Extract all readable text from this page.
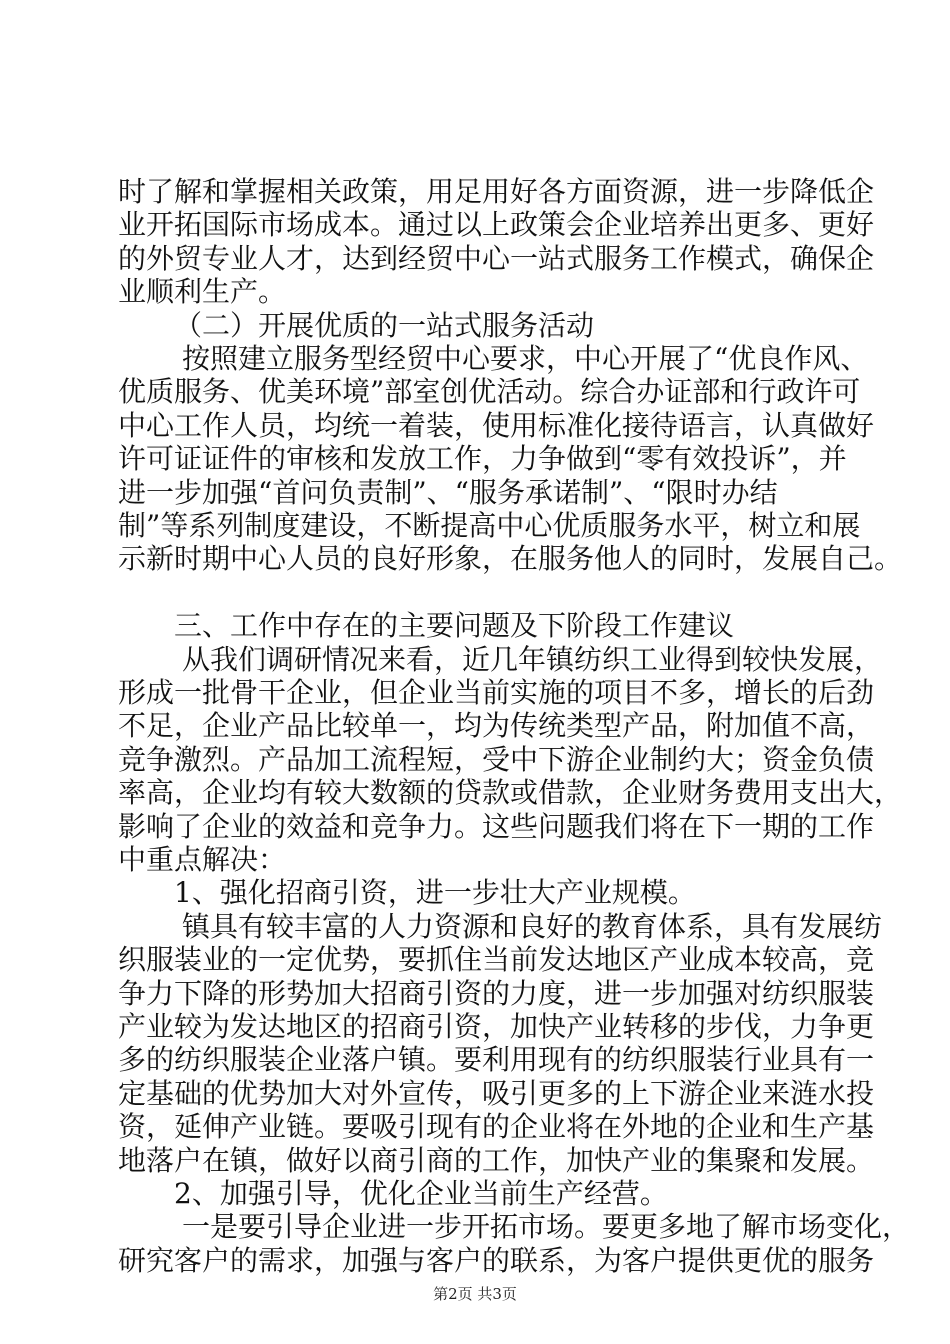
时了解和掌握相关政策，用足用好各方面资源，进一步降低企
业开拓国际市场成本。通过以上政策会企业培养出更多、更好
的外贸专业人才，达到经贸中心一站式服务工作模式，确保企
业顺利生产。
（二）开展优质的一站式服务活动
按照建立服务型经贸中心要求，中心开展了“优良作风、
优质服务、优美环境”部室创优活动。综合办证部和行政许可
中心工作人员，均统一着装，使用标准化接待语言，认真做好
许可证证件的审核和发放工作，力争做到“零有效投诉”，并
进一步加强“首问负责制”、“服务承诺制”、“限时办结
制”等系列制度建设，不断提高中心优质服务水平，树立和展
示新时期中心人员的良好形象，在服务他人的同时，发展自己。
三、工作中存在的主要问题及下阶段工作建议
从我们调研情况来看，近几年镇纺织工业得到较快发展，
形成一批骨干企业，但企业当前实施的项目不多，增长的后劲
不足，企业产品比较单一，均为传统类型产品，附加值不高，
竞争激烈。产品加工流程短，受中下游企业制约大；资金负债
率高，企业均有较大数额的贷款或借款，企业财务费用支出大，
影响了企业的效益和竞争力。这些问题我们将在下一期的工作
中重点解决：
1、强化招商引资，进一步壮大产业规模。
镇具有较丰富的人力资源和良好的教育体系，具有发展纺
织服装业的一定优势，要抓住当前发达地区产业成本较高，竞
争力下降的形势加大招商引资的力度，进一步加强对纺织服装
产业较为发达地区的招商引资，加快产业转移的步伐，力争更
多的纺织服装企业落户镇。要利用现有的纺织服装行业具有一
定基础的优势加大对外宣传，吸引更多的上下游企业来涟水投
资，延伸产业链。要吸引现有的企业将在外地的企业和生产基
地落户在镇，做好以商引商的工作，加快产业的集聚和发展。
2、加强引导，优化企业当前生产经营。
一是要引导企业进一步开拓市场。要更多地了解市场变化，
研究客户的需求，加强与客户的联系，为客户提供更优的服务
第2页 共3页
